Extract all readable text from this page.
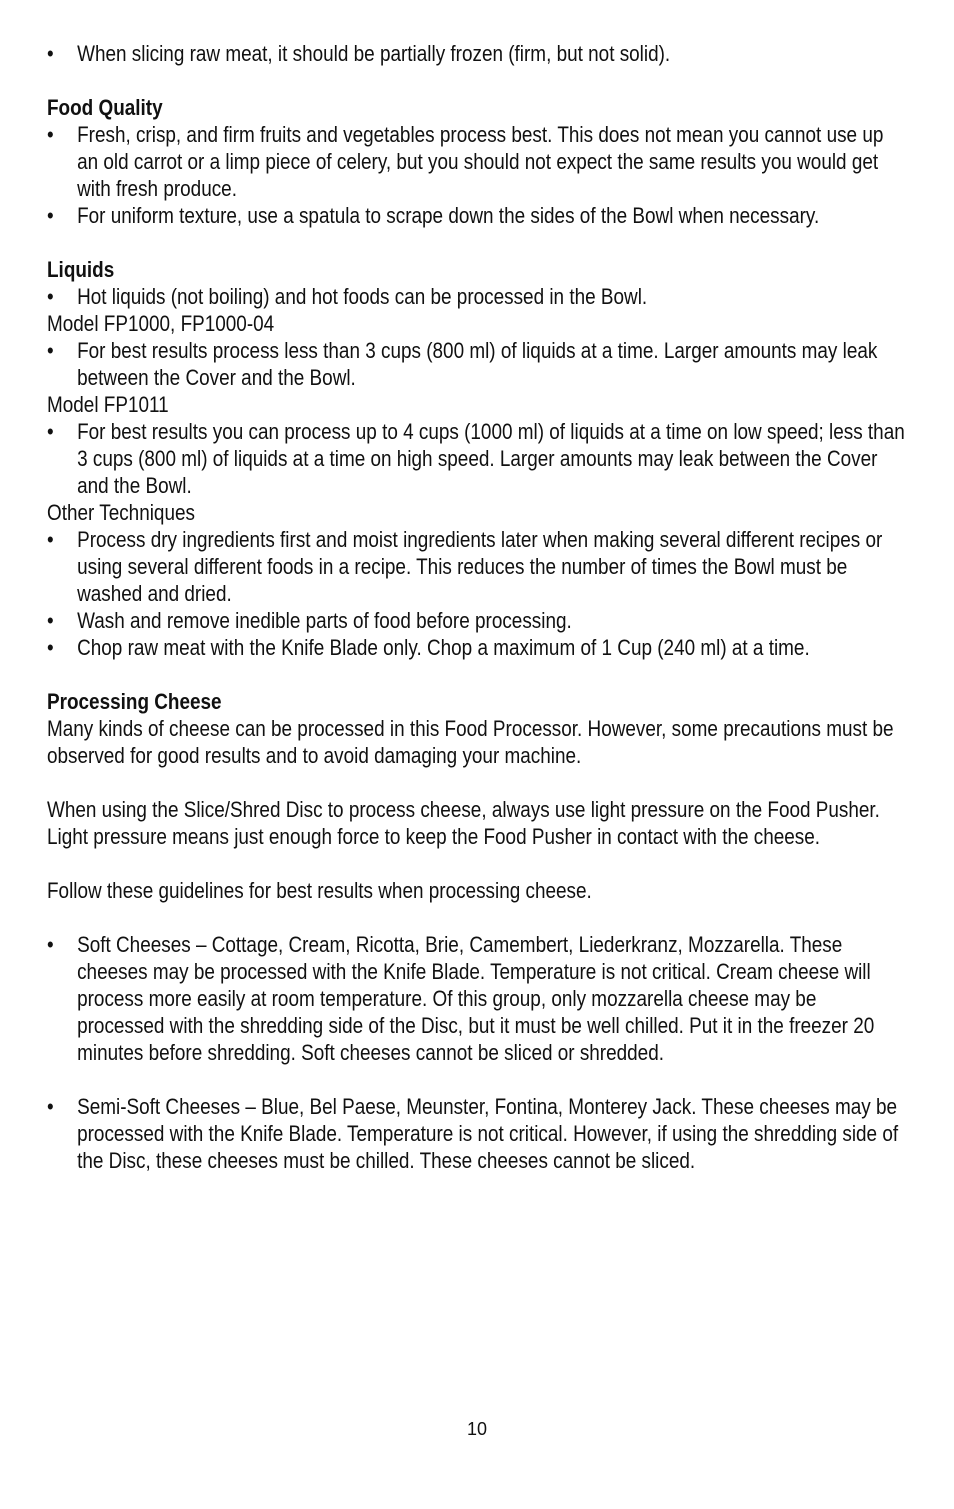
• When slicing raw meat, it should be partially frozen (firm, but not solid).
Food Quality
• Fresh, crisp, and firm fruits and vegetables process best. This does not mean you cannot use up an old carrot or a limp piece of celery, but you should not expect the same results you would get with fresh produce.
• For uniform texture, use a spatula to scrape down the sides of the Bowl when necessary.
Liquids
• Hot liquids (not boiling) and hot foods can be processed in the Bowl.
Model FP1000, FP1000-04
• For best results process less than 3 cups (800 ml) of liquids at a time. Larger amounts may leak between the Cover and the Bowl.
Model FP1011
• For best results you can process up to 4 cups (1000 ml) of liquids at a time on low speed; less than 3 cups (800 ml) of liquids at a time on high speed. Larger amounts may leak between the Cover and the Bowl.
Other Techniques
• Process dry ingredients first and moist ingredients later when making several different recipes or using several different foods in a recipe. This reduces the number of times the Bowl must be washed and dried.
• Wash and remove inedible parts of food before processing.
• Chop raw meat with the Knife Blade only. Chop a maximum of 1 Cup (240 ml) at a time.
Processing Cheese
Many kinds of cheese can be processed in this Food Processor. However, some precautions must be observed for good results and to avoid damaging your machine.
When using the Slice/Shred Disc to process cheese, always use light pressure on the Food Pusher. Light pressure means just enough force to keep the Food Pusher in contact with the cheese.
Follow these guidelines for best results when processing cheese.
• Soft Cheeses – Cottage, Cream, Ricotta, Brie, Camembert, Liederkranz, Mozzarella. These cheeses may be processed with the Knife Blade. Temperature is not critical. Cream cheese will process more easily at room temperature. Of this group, only mozzarella cheese may be processed with the shredding side of the Disc, but it must be well chilled. Put it in the freezer 20 minutes before shredding. Soft cheeses cannot be sliced or shredded.
• Semi-Soft Cheeses – Blue, Bel Paese, Meunster, Fontina, Monterey Jack. These cheeses may be processed with the Knife Blade. Temperature is not critical. However, if using the shredding side of the Disc, these cheeses must be chilled. These cheeses cannot be sliced.
10
